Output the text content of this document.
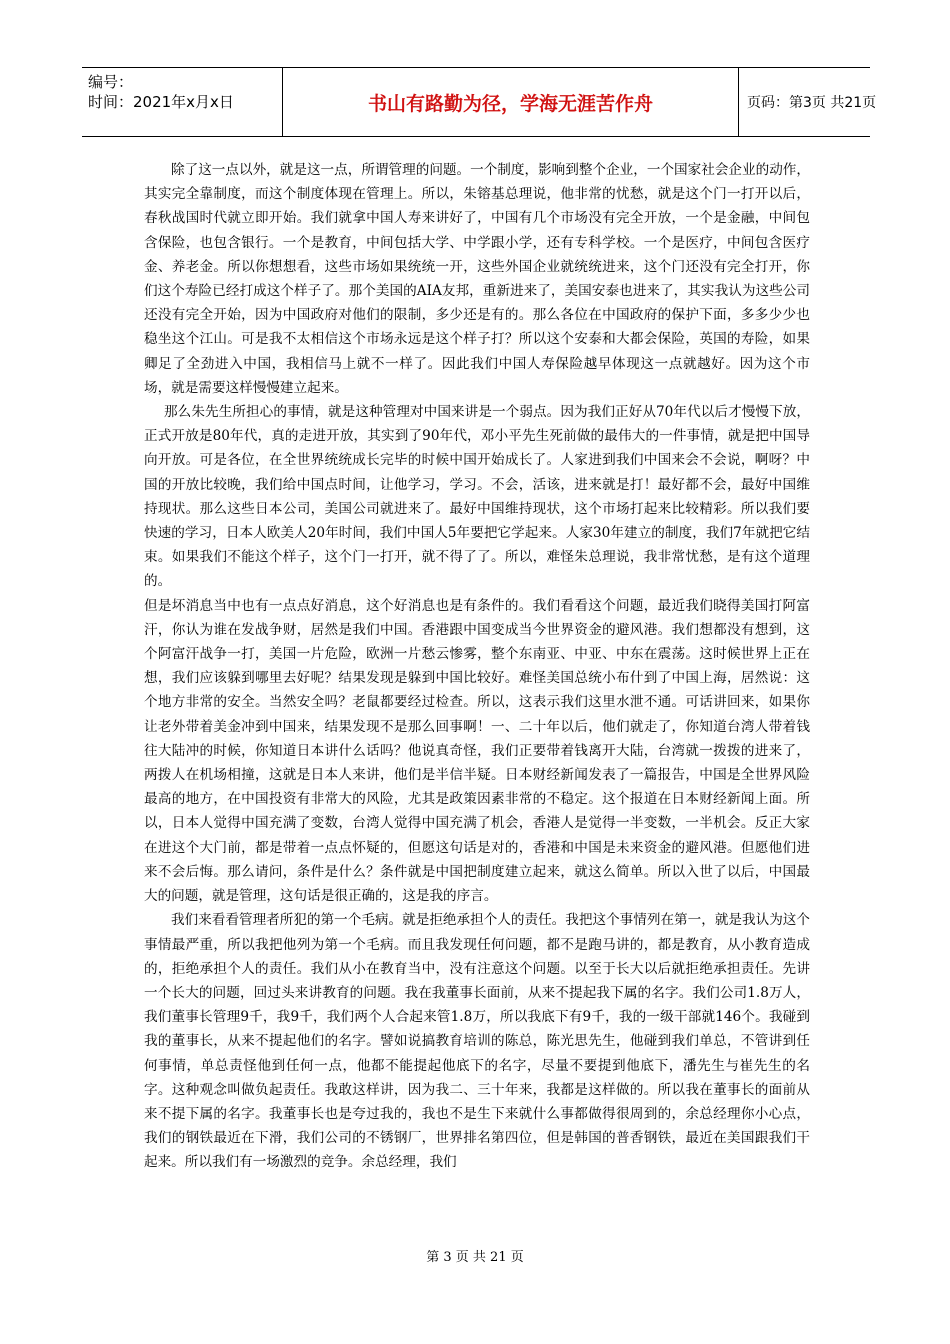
编号：
时间：2021年x月x日	书山有路勤为径，学海无涯苦作舟	页码：第3页 共21页

除了这一点以外，就是这一点，所谓管理的问题。一个制度，影响到整个企业，一个国家社会企业的动作，其实完全靠制度，而这个制度体现在管理上。所以，朱镕基总理说，他非常的忧愁，就是这个门一打开以后，春秋战国时代就立即开始。我们就拿中国人寿来讲好了，中国有几个市场没有完全开放，一个是金融，中间包含保险，也包含银行。一个是教育，中间包括大学、中学跟小学，还有专科学校。一个是医疗，中间包含医疗金、养老金。所以你想想看，这些市场如果统统一开，这些外国企业就统统进来，这个门还没有完全打开，你们这个寿险已经打成这个样子了。那个美国的AIA友邦，重新进来了，美国安泰也进来了，其实我认为这些公司还没有完全开始，因为中国政府对他们的限制，多少还是有的。那么各位在中国政府的保护下面，多多少少也稳坐这个江山。可是我不太相信这个市场永远是这个样子打？所以这个安泰和大都会保险，英国的寿险，如果卿足了全劲进入中国，我相信马上就不一样了。因此我们中国人寿保险越早体现这一点就越好。因为这个市场，就是需要这样慢慢建立起来。

那么朱先生所担心的事情，就是这种管理对中国来讲是一个弱点。因为我们正好从70年代以后才慢慢下放，正式开放是80年代，真的走进开放，其实到了90年代，邓小平先生死前做的最伟大的一件事情，就是把中国导向开放。可是各位，在全世界统统成长完毕的时候中国开始成长了。人家进到我们中国来会不会说，啊呀？中国的开放比较晚，我们给中国点时间，让他学习，学习。不会，活该，进来就是打！最好都不会，最好中国维持现状。那么这些日本公司，美国公司就进来了。最好中国维持现状，这个市场打起来比较精彩。所以我们要快速的学习，日本人欧美人20年时间，我们中国人5年要把它学起来。人家30年建立的制度，我们7年就把它结束。如果我们不能这个样子，这个门一打开，就不得了了。所以，难怪朱总理说，我非常忧愁，是有这个道理的。

但是坏消息当中也有一点点好消息，这个好消息也是有条件的。我们看看这个问题，最近我们晓得美国打阿富汗，你认为谁在发战争财，居然是我们中国。香港跟中国变成当今世界资金的避风港。我们想都没有想到，这个阿富汗战争一打，美国一片危险，欧洲一片愁云惨雾，整个东南亚、中亚、中东在震荡。这时候世界上正在想，我们应该躲到哪里去好呢？结果发现是躲到中国比较好。难怪美国总统小布什到了中国上海，居然说：这个地方非常的安全。当然安全吗？老鼠都要经过检查。所以，这表示我们这里水泄不通。可话讲回来，如果你让老外带着美金冲到中国来，结果发现不是那么回事啊！一、二十年以后，他们就走了，你知道台湾人带着钱往大陆冲的时候，你知道日本讲什么话吗？他说真奇怪，我们正要带着钱离开大陆，台湾就一拨拨的进来了，两拨人在机场相撞，这就是日本人来讲，他们是半信半疑。日本财经新闻发表了一篇报告，中国是全世界风险最高的地方，在中国投资有非常大的风险，尤其是政策因素非常的不稳定。这个报道在日本财经新闻上面。所以，日本人觉得中国充满了变数，台湾人觉得中国充满了机会，香港人是觉得一半变数，一半机会。反正大家在进这个大门前，都是带着一点点怀疑的，但愿这句话是对的，香港和中国是未来资金的避风港。但愿他们进来不会后悔。那么请问，条件是什么？条件就是中国把制度建立起来，就这么简单。所以入世了以后，中国最大的问题，就是管理，这句话是很正确的，这是我的序言。

我们来看看管理者所犯的第一个毛病。就是拒绝承担个人的责任。我把这个事情列在第一，就是我认为这个事情最严重，所以我把他列为第一个毛病。而且我发现任何问题，都不是跑马讲的，都是教育，从小教育造成的，拒绝承担个人的责任。我们从小在教育当中，没有注意这个问题。以至于长大以后就拒绝承担责任。先讲一个长大的问题，回过头来讲教育的问题。我在我董事长面前，从来不提起我下属的名字。我们公司1.8万人，我们董事长管理9千，我9千，我们两个人合起来管1.8万，所以我底下有9千，我的一级干部就146个。我碰到我的董事长，从来不提起他们的名字。譬如说搞教育培训的陈总，陈光思先生，他碰到我们单总，不管讲到任何事情，单总责怪他到任何一点，他都不能提起他底下的名字，尽量不要提到他底下，潘先生与崔先生的名字。这种观念叫做负起责任。我敢这样讲，因为我二、三十年来，我都是这样做的。所以我在董事长的面前从来不提下属的名字。我董事长也是夸过我的，我也不是生下来就什么事都做得很周到的，余总经理你小心点，我们的钢铁最近在下滑，我们公司的不锈钢厂，世界排名第四位，但是韩国的普香钢铁，最近在美国跟我们干起来。所以我们有一场激烈的竞争。余总经理，我们

第 3 页 共 21 页
